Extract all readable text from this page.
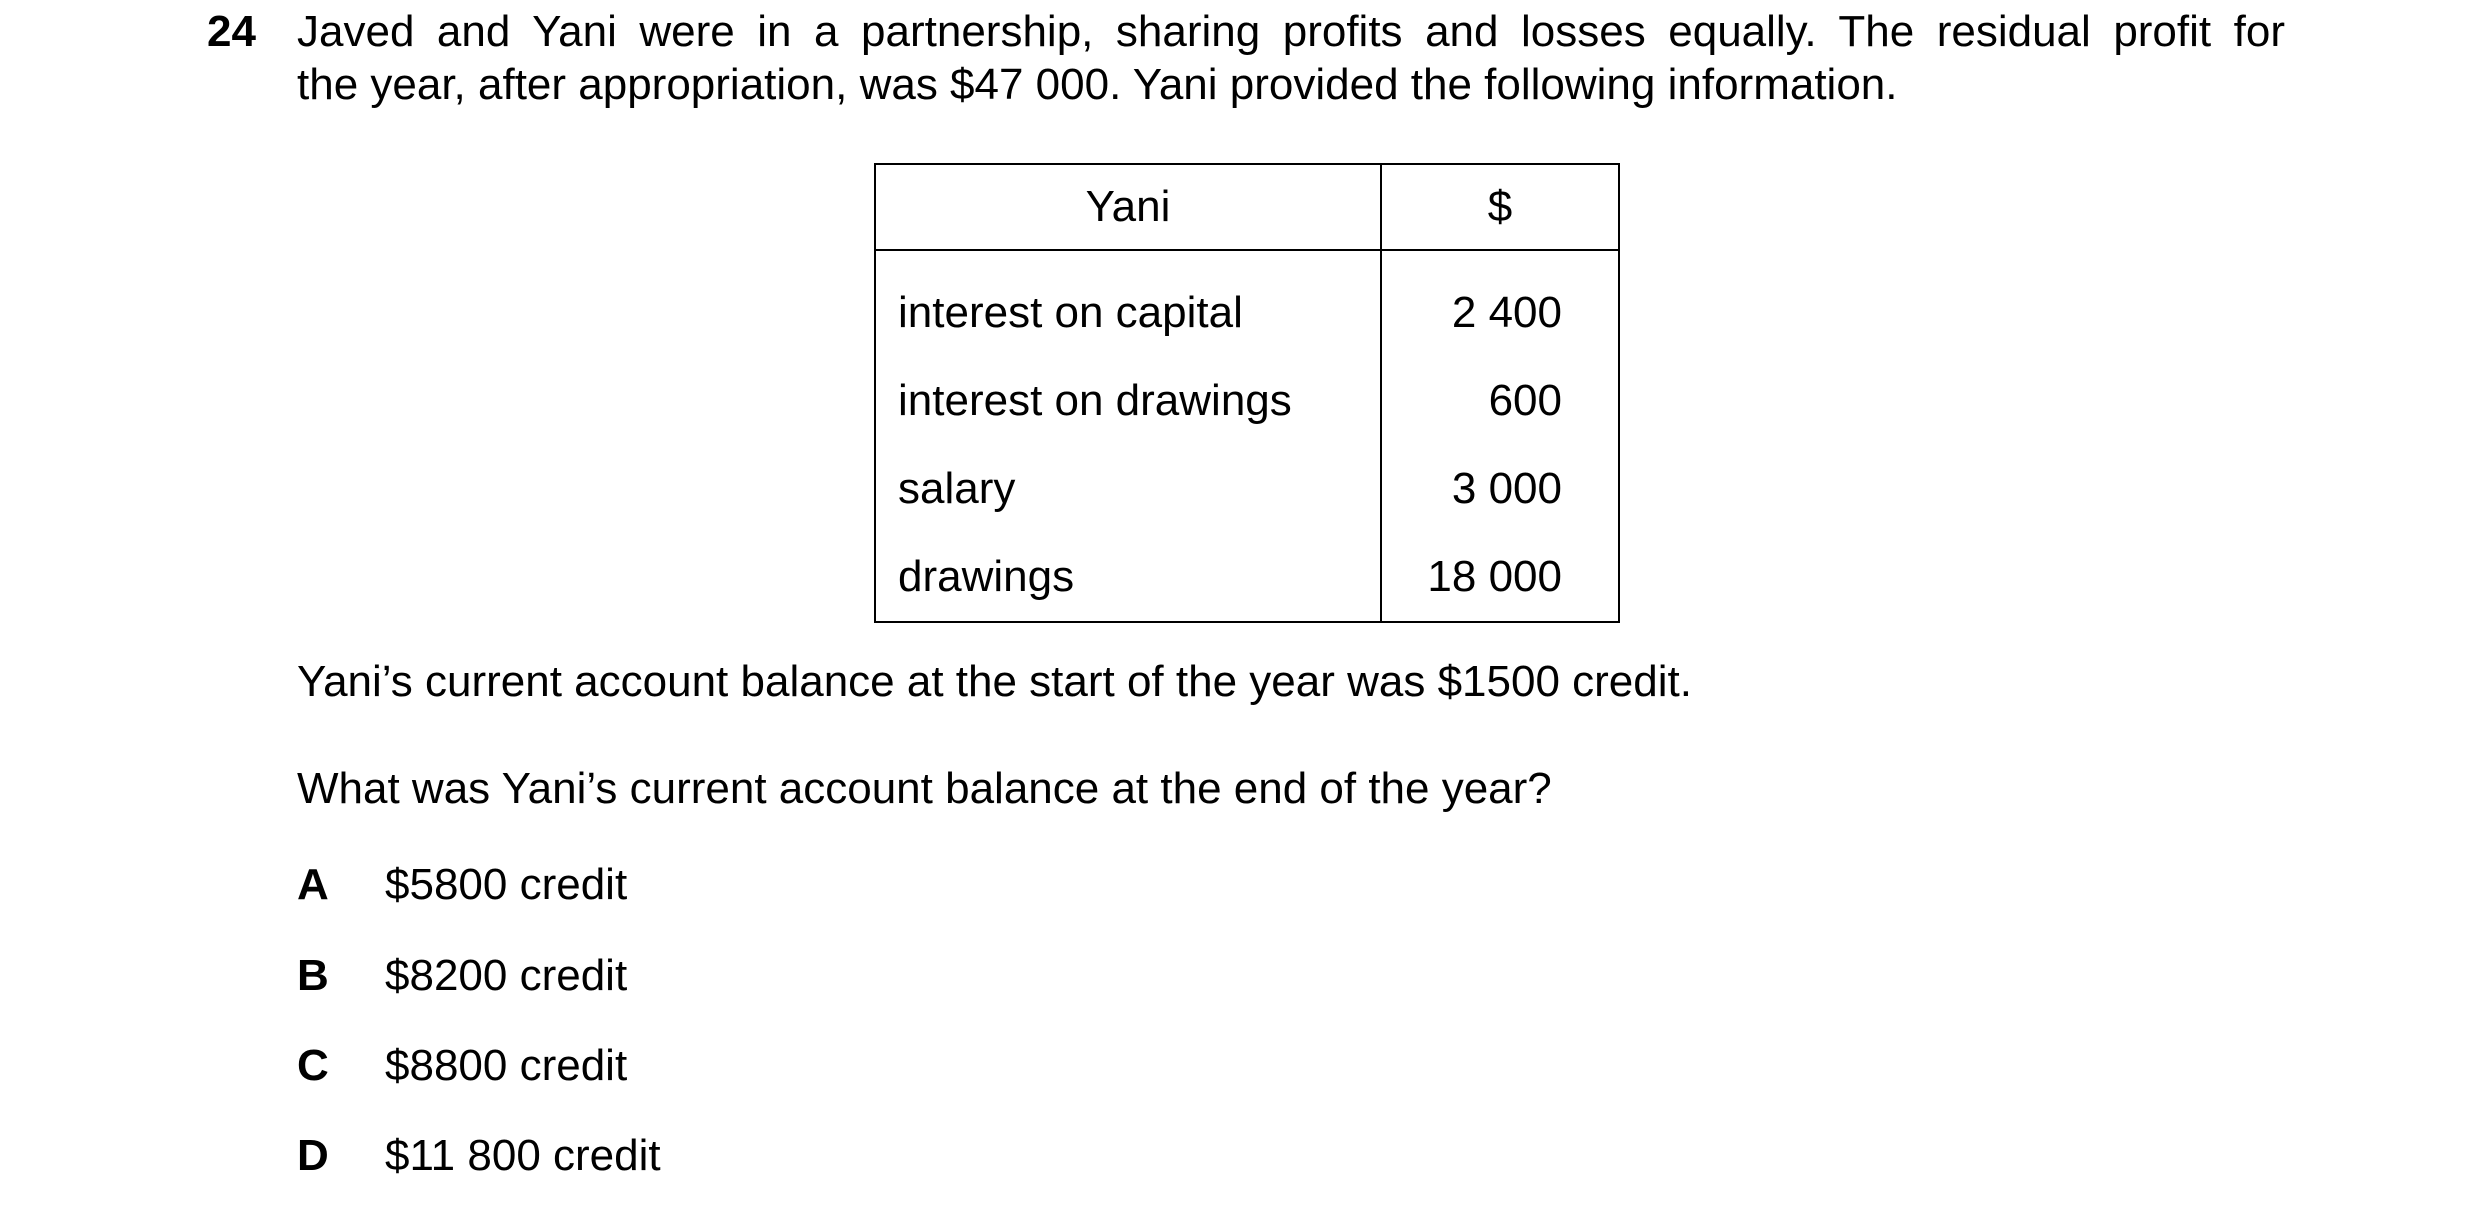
24 Javed and Yani were in a partnership, sharing profits and losses equally. The residual profit for
the year, after appropriation, was $47 000. Yani provided the following information.
Yani	$
interest on capital	2 400
interest on drawings	600
salary	3 000
drawings	18 000
Yani’s current account balance at the start of the year was $1500 credit.
What was Yani’s current account balance at the end of the year?
A $5800 credit
B $8200 credit
C $8800 credit
D $11 800 credit
